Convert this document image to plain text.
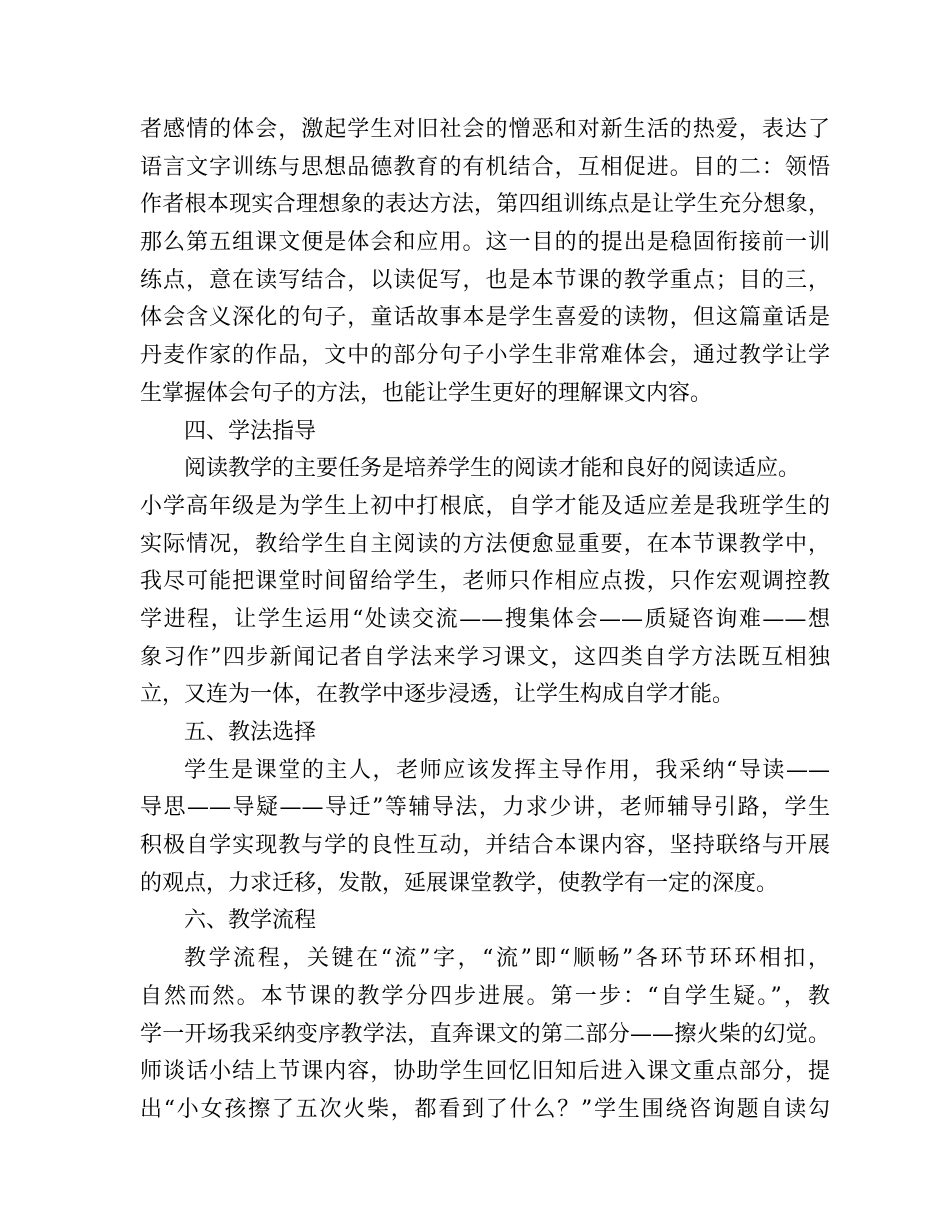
者感情的体会，激起学生对旧社会的憎恶和对新生活的热爱，表达了
语言文字训练与思想品德教育的有机结合，互相促进。目的二：领悟
作者根本现实合理想象的表达方法，第四组训练点是让学生充分想象，
那么第五组课文便是体会和应用。这一目的的提出是稳固衔接前一训
练点，意在读写结合，以读促写，也是本节课的教学重点；目的三，
体会含义深化的句子，童话故事本是学生喜爱的读物，但这篇童话是
丹麦作家的作品，文中的部分句子小学生非常难体会，通过教学让学
生掌握体会句子的方法，也能让学生更好的理解课文内容。
四、学法指导
阅读教学的主要任务是培养学生的阅读才能和良好的阅读适应。
小学高年级是为学生上初中打根底，自学才能及适应差是我班学生的
实际情况，教给学生自主阅读的方法便愈显重要，在本节课教学中，
我尽可能把课堂时间留给学生，老师只作相应点拨，只作宏观调控教
学进程，让学生运用“处读交流——搜集体会——质疑咨询难——想
象习作”四步新闻记者自学法来学习课文，这四类自学方法既互相独
立，又连为一体，在教学中逐步浸透，让学生构成自学才能。
五、教法选择
学生是课堂的主人，老师应该发挥主导作用，我采纳“导读——
导思——导疑——导迁”等辅导法，力求少讲，老师辅导引路，学生
积极自学实现教与学的良性互动，并结合本课内容，坚持联络与开展
的观点，力求迁移，发散，延展课堂教学，使教学有一定的深度。
六、教学流程
教学流程，关键在“流”字，“流”即“顺畅”各环节环环相扣，
自然而然。本节课的教学分四步进展。第一步：“自学生疑。”，教
学一开场我采纳变序教学法，直奔课文的第二部分——擦火柴的幻觉。
师谈话小结上节课内容，协助学生回忆旧知后进入课文重点部分，提
出“小女孩擦了五次火柴，都看到了什么？”学生围绕咨询题自读勾
